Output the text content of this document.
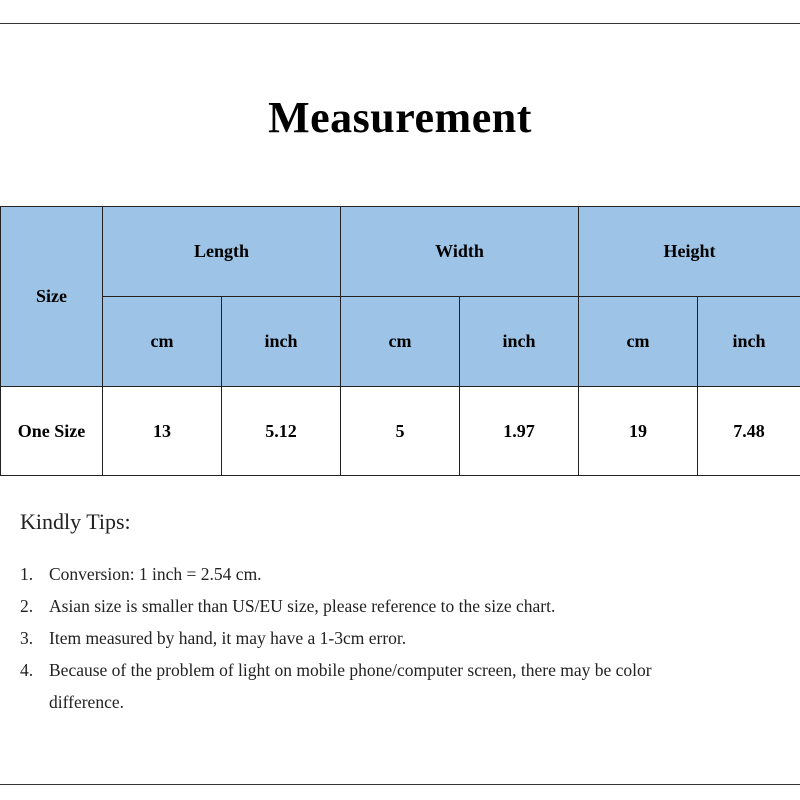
Measurement
Size	Length		Width		Height	
	cm	inch	cm	inch	cm	inch
One Size	13	5.12	5	1.97	19	7.48
Kindly Tips:
1. Conversion: 1 inch = 2.54 cm.
2. Asian size is smaller than US/EU size, please reference to the size chart.
3. Item measured by hand, it may have a 1-3cm error.
4. Because of the problem of light on mobile phone/computer screen, there may be color difference.
